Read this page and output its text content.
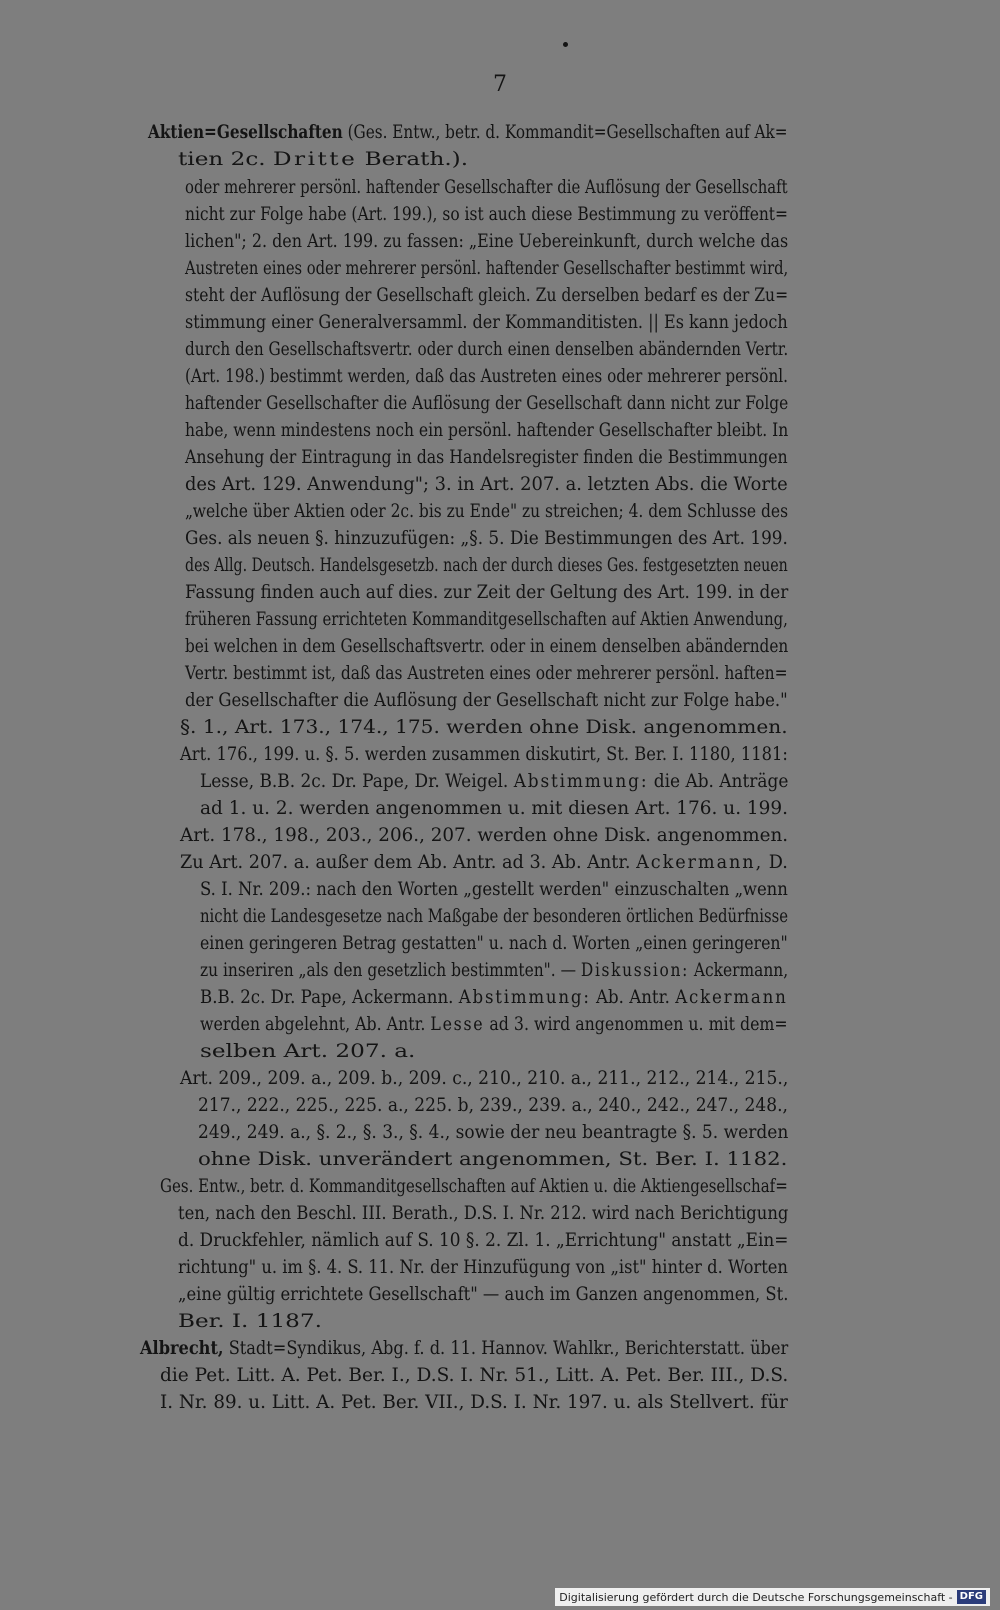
7
Aktien=Gesellschaften (Ges. Entw., betr. d. Kommandit=Gesellschaften auf Ak=
tien 2c. Dritte Berath.).
oder mehrerer persönl. haftender Gesellschafter die Auflösung der Gesellschaft
nicht zur Folge habe (Art. 199.), so ist auch diese Bestimmung zu veröffent=
lichen"; 2. den Art. 199. zu fassen: „Eine Uebereinkunft, durch welche das
Austreten eines oder mehrerer persönl. haftender Gesellschafter bestimmt wird,
steht der Auflösung der Gesellschaft gleich. Zu derselben bedarf es der Zu=
stimmung einer Generalversamml. der Kommanditisten. || Es kann jedoch
durch den Gesellschaftsvertr. oder durch einen denselben abändernden Vertr.
(Art. 198.) bestimmt werden, daß das Austreten eines oder mehrerer persönl.
haftender Gesellschafter die Auflösung der Gesellschaft dann nicht zur Folge
habe, wenn mindestens noch ein persönl. haftender Gesellschafter bleibt. In
Ansehung der Eintragung in das Handelsregister finden die Bestimmungen
des Art. 129. Anwendung"; 3. in Art. 207. a. letzten Abs. die Worte
„welche über Aktien oder 2c. bis zu Ende" zu streichen; 4. dem Schlusse des
Ges. als neuen §. hinzuzufügen: „§. 5. Die Bestimmungen des Art. 199.
des Allg. Deutsch. Handelsgesetzb. nach der durch dieses Ges. festgesetzten neuen
Fassung finden auch auf dies. zur Zeit der Geltung des Art. 199. in der
früheren Fassung errichteten Kommanditgesellschaften auf Aktien Anwendung,
bei welchen in dem Gesellschaftsvertr. oder in einem denselben abändernden
Vertr. bestimmt ist, daß das Austreten eines oder mehrerer persönl. haften=
der Gesellschafter die Auflösung der Gesellschaft nicht zur Folge habe."
§. 1., Art. 173., 174., 175. werden ohne Disk. angenommen.
Art. 176., 199. u. §. 5. werden zusammen diskutirt, St. Ber. I. 1180, 1181:
Lesse, B.B. 2c. Dr. Pape, Dr. Weigel. Abstimmung: die Ab. Anträge
ad 1. u. 2. werden angenommen u. mit diesen Art. 176. u. 199.
Art. 178., 198., 203., 206., 207. werden ohne Disk. angenommen.
Zu Art. 207. a. außer dem Ab. Antr. ad 3. Ab. Antr. Ackermann, D.
S. I. Nr. 209.: nach den Worten „gestellt werden" einzuschalten „wenn
nicht die Landesgesetze nach Maßgabe der besonderen örtlichen Bedürfnisse
einen geringeren Betrag gestatten" u. nach d. Worten „einen geringeren"
zu inseriren „als den gesetzlich bestimmten". — Diskussion: Ackermann,
B.B. 2c. Dr. Pape, Ackermann. Abstimmung: Ab. Antr. Ackermann
werden abgelehnt, Ab. Antr. Lesse ad 3. wird angenommen u. mit dem=
selben Art. 207. a.
Art. 209., 209. a., 209. b., 209. c., 210., 210. a., 211., 212., 214., 215.,
217., 222., 225., 225. a., 225. b, 239., 239. a., 240., 242., 247., 248.,
249., 249. a., §. 2., §. 3., §. 4., sowie der neu beantragte §. 5. werden
ohne Disk. unverändert angenommen, St. Ber. I. 1182.
Ges. Entw., betr. d. Kommanditgesellschaften auf Aktien u. die Aktiengesellschaf=
ten, nach den Beschl. III. Berath., D.S. I. Nr. 212. wird nach Berichtigung
d. Druckfehler, nämlich auf S. 10 §. 2. Zl. 1. „Errichtung" anstatt „Ein=
richtung" u. im §. 4. S. 11. Nr. der Hinzufügung von „ist" hinter d. Worten
„eine gültig errichtete Gesellschaft" — auch im Ganzen angenommen, St.
Ber. I. 1187.
Albrecht, Stadt=Syndikus, Abg. f. d. 11. Hannov. Wahlkr., Berichterstatt. über
die Pet. Litt. A. Pet. Ber. I., D.S. I. Nr. 51., Litt. A. Pet. Ber. III., D.S.
I. Nr. 89. u. Litt. A. Pet. Ber. VII., D.S. I. Nr. 197. u. als Stellvert. für
Digitalisierung gefördert durch die Deutsche Forschungsgemeinschaft - DFG
